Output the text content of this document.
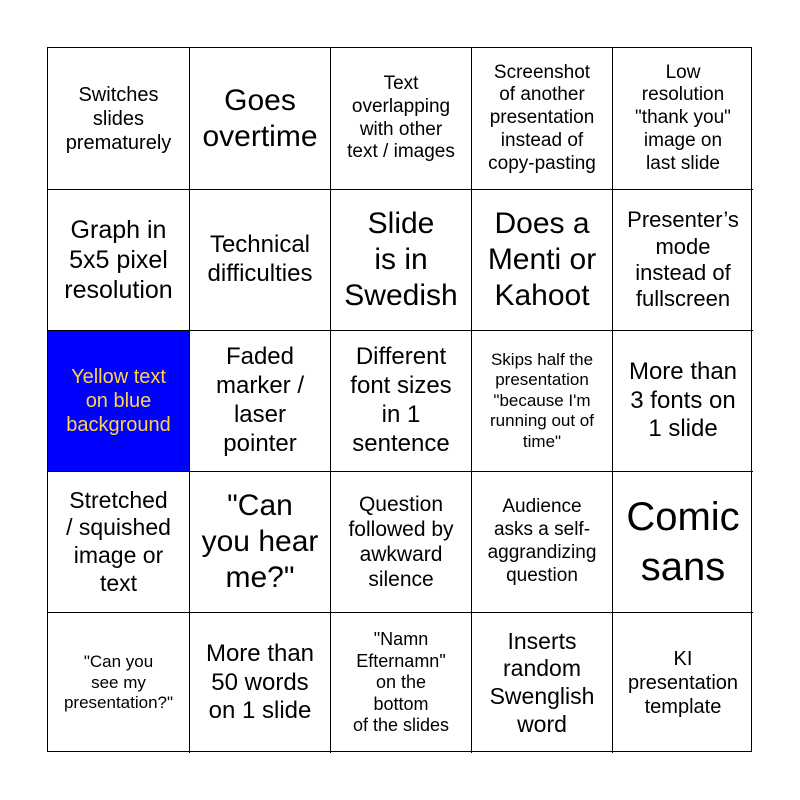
Switches
slides
prematurely
Goes
overtime
Text
overlapping
with other
text / images
Screenshot
of another
presentation
instead of
copy-pasting
Low
resolution
"thank you"
image on
last slide
Graph in
5x5 pixel
resolution
Technical
difficulties
Slide
is in
Swedish
Does a
Menti or
Kahoot
Presenter’s
mode
instead of
fullscreen
Yellow text
on blue
background
Faded
marker /
laser
pointer
Different
font sizes
in 1
sentence
Skips half the
presentation
"because I'm
running out of
time"
More than
3 fonts on
1 slide
Stretched
/ squished
image or
text
"Can
you hear
me?"
Question
followed by
awkward
silence
Audience
asks a self-
aggrandizing
question
Comic
sans
"Can you
see my
presentation?"
More than
50 words
on 1 slide
"Namn
Efternamn"
on the
bottom
of the slides
Inserts
random
Swenglish
word
KI
presentation
template
